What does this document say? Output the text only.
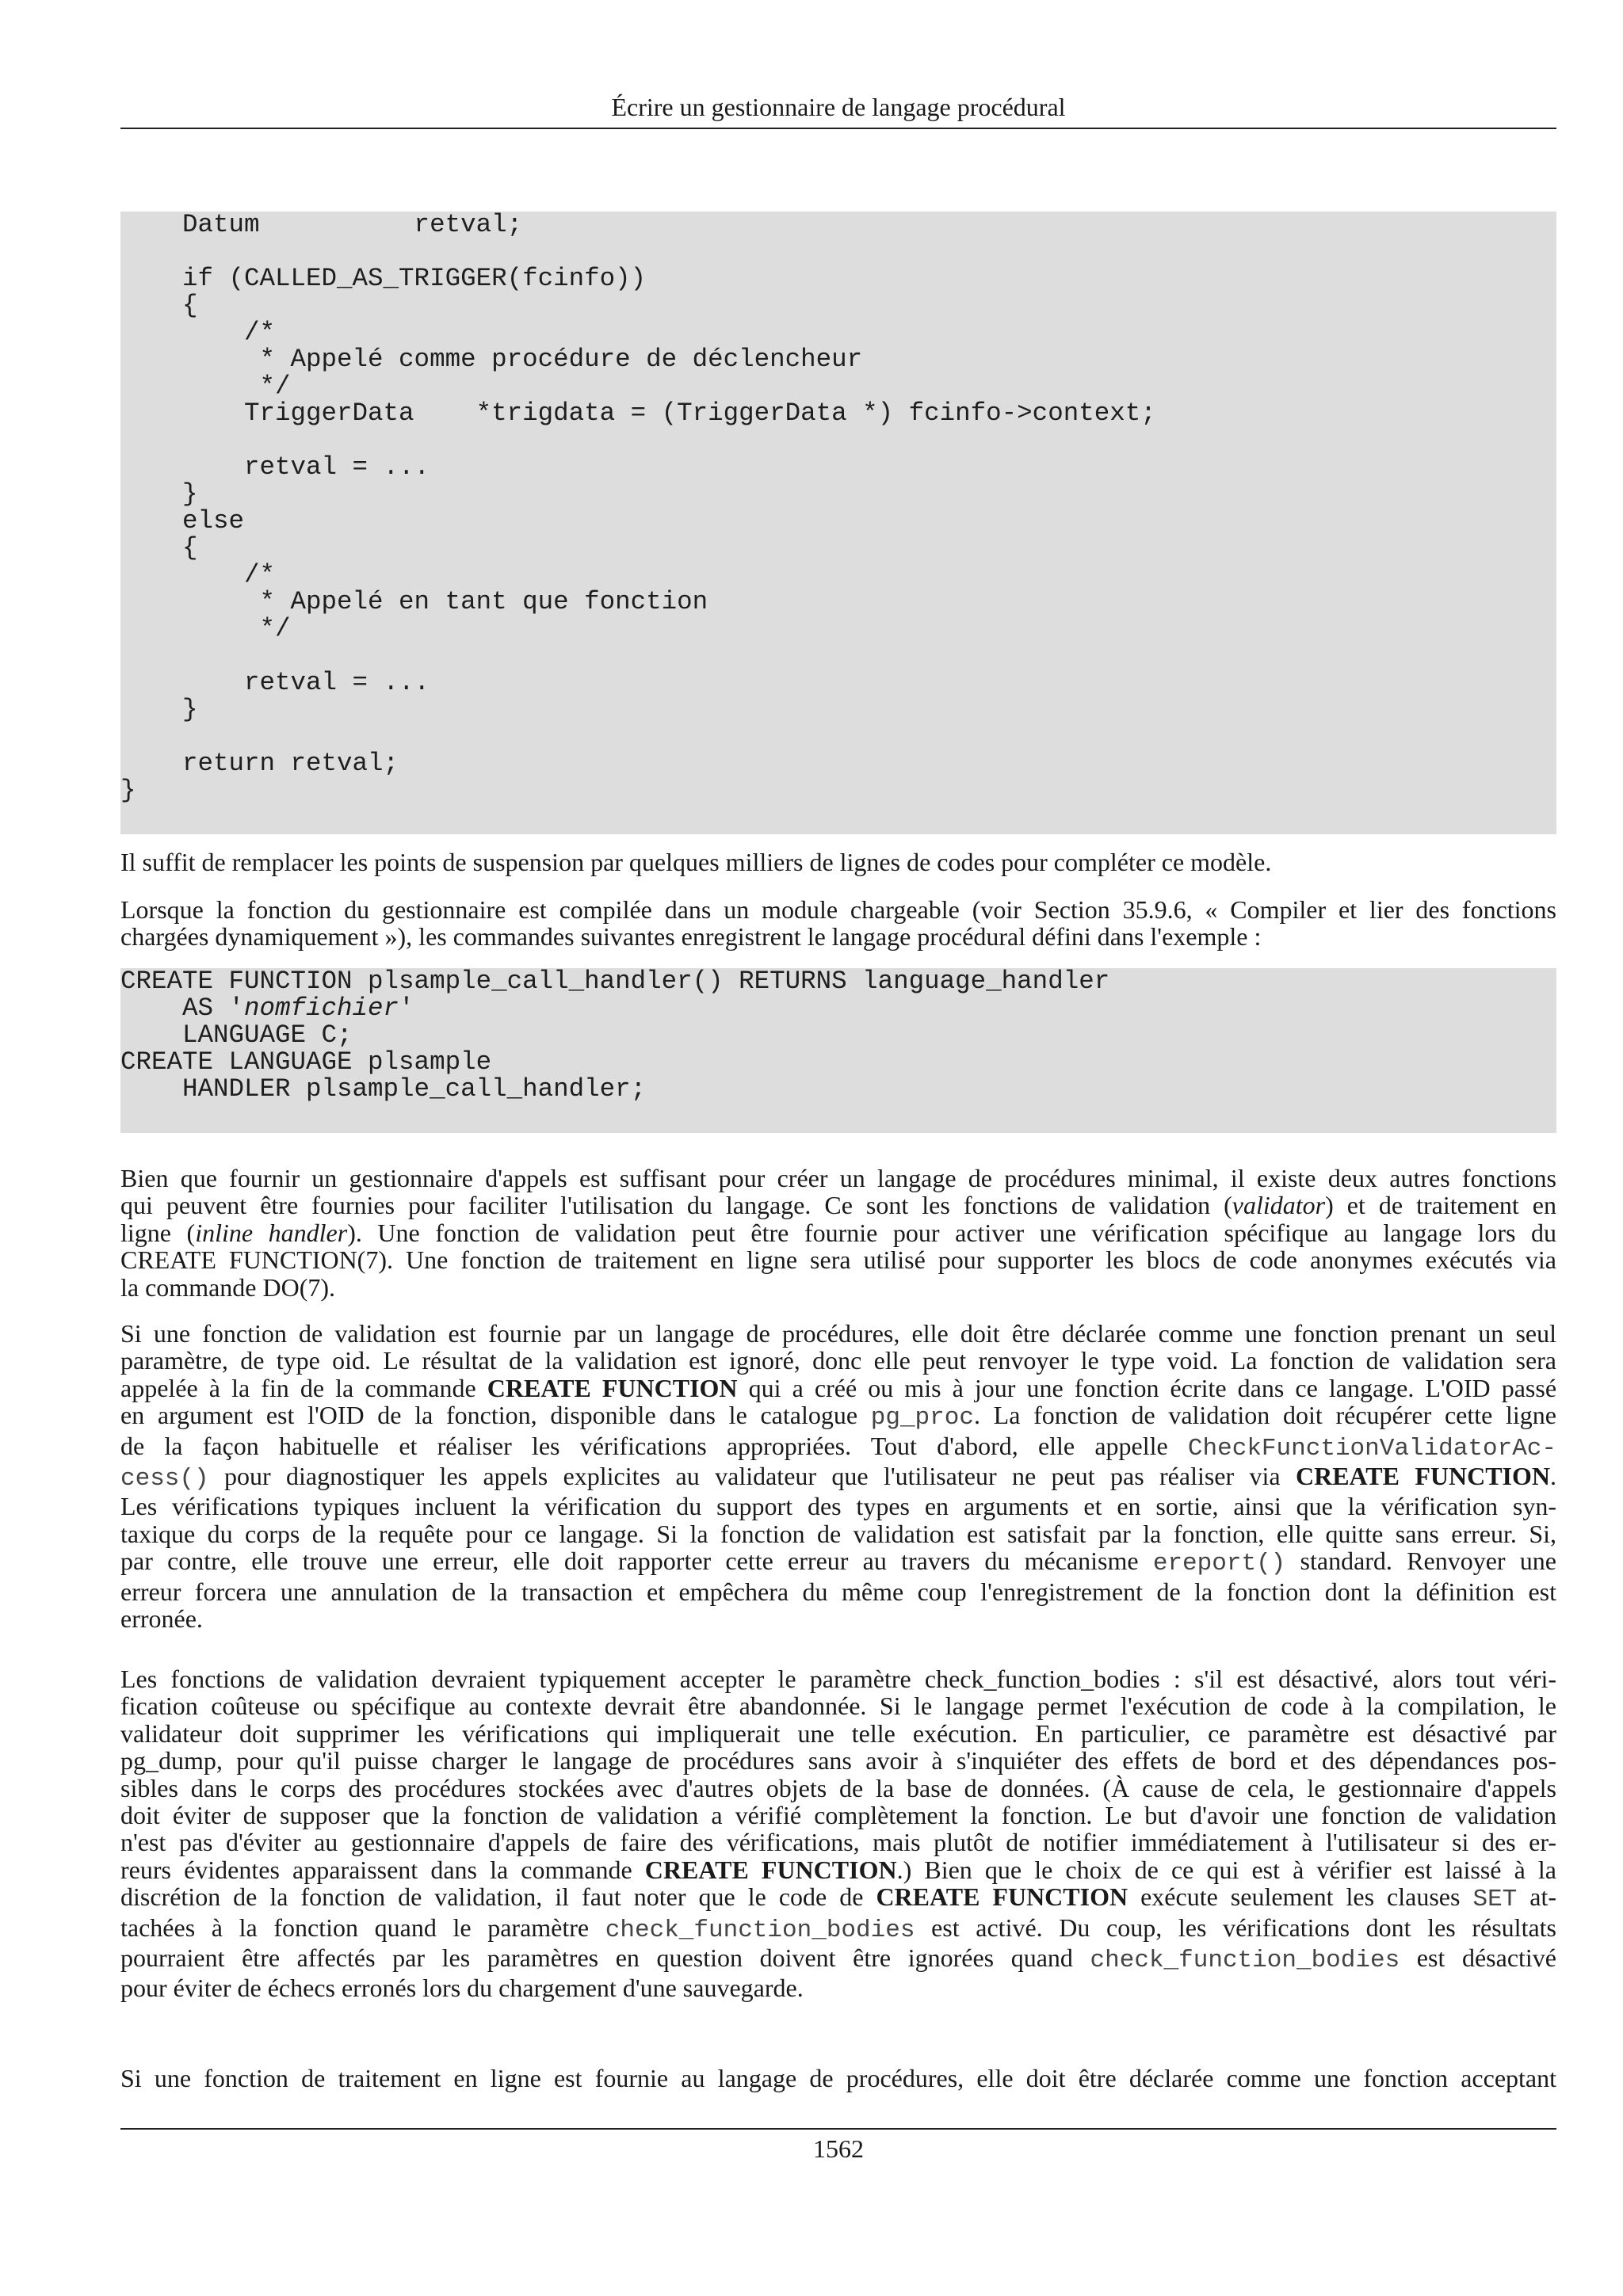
Écrire un gestionnaire de langage procédural
Datum          retval;
if (CALLED_AS_TRIGGER(fcinfo))
{
/*
* Appelé comme procédure de déclencheur
*/
TriggerData    *trigdata = (TriggerData *) fcinfo->context;
retval = ...
}
else
{
/*
* Appelé en tant que fonction
*/
retval = ...
}
return retval;
}
Il suffit de remplacer les points de suspension par quelques milliers de lignes de codes pour compléter ce modèle.
Lorsque la fonction du gestionnaire est compilée dans un module chargeable (voir Section 35.9.6, « Compiler et lier des fonctions
chargées dynamiquement »), les commandes suivantes enregistrent le langage procédural défini dans l'exemple :
CREATE FUNCTION plsample_call_handler() RETURNS language_handler
AS 'nomfichier'
LANGUAGE C;
CREATE LANGUAGE plsample
HANDLER plsample_call_handler;
Bien que fournir un gestionnaire d'appels est suffisant pour créer un langage de procédures minimal, il existe deux autres fonctions
qui peuvent être fournies pour faciliter l'utilisation du langage. Ce sont les fonctions de validation (validator) et de traitement en
ligne (inline handler). Une fonction de validation peut être fournie pour activer une vérification spécifique au langage lors du
CREATE FUNCTION(7). Une fonction de traitement en ligne sera utilisé pour supporter les blocs de code anonymes exécutés via
la commande DO(7).
Si une fonction de validation est fournie par un langage de procédures, elle doit être déclarée comme une fonction prenant un seul
paramètre, de type oid. Le résultat de la validation est ignoré, donc elle peut renvoyer le type void. La fonction de validation sera
appelée à la fin de la commande CREATE FUNCTION qui a créé ou mis à jour une fonction écrite dans ce langage. L'OID passé
en argument est l'OID de la fonction, disponible dans le catalogue pg_proc. La fonction de validation doit récupérer cette ligne
de la façon habituelle et réaliser les vérifications appropriées. Tout d'abord, elle appelle CheckFunctionValidatorAc-
cess() pour diagnostiquer les appels explicites au validateur que l'utilisateur ne peut pas réaliser via CREATE FUNCTION.
Les vérifications typiques incluent la vérification du support des types en arguments et en sortie, ainsi que la vérification syn-
taxique du corps de la requête pour ce langage. Si la fonction de validation est satisfait par la fonction, elle quitte sans erreur. Si,
par contre, elle trouve une erreur, elle doit rapporter cette erreur au travers du mécanisme ereport() standard. Renvoyer une
erreur forcera une annulation de la transaction et empêchera du même coup l'enregistrement de la fonction dont la définition est
erronée.
Les fonctions de validation devraient typiquement accepter le paramètre check_function_bodies : s'il est désactivé, alors tout véri-
fication coûteuse ou spécifique au contexte devrait être abandonnée. Si le langage permet l'exécution de code à la compilation, le
validateur doit supprimer les vérifications qui impliquerait une telle exécution. En particulier, ce paramètre est désactivé par
pg_dump, pour qu'il puisse charger le langage de procédures sans avoir à s'inquiéter des effets de bord et des dépendances pos-
sibles dans le corps des procédures stockées avec d'autres objets de la base de données. (À cause de cela, le gestionnaire d'appels
doit éviter de supposer que la fonction de validation a vérifié complètement la fonction. Le but d'avoir une fonction de validation
n'est pas d'éviter au gestionnaire d'appels de faire des vérifications, mais plutôt de notifier immédiatement à l'utilisateur si des er-
reurs évidentes apparaissent dans la commande CREATE FUNCTION.) Bien que le choix de ce qui est à vérifier est laissé à la
discrétion de la fonction de validation, il faut noter que le code de CREATE FUNCTION exécute seulement les clauses SET at-
tachées à la fonction quand le paramètre check_function_bodies est activé. Du coup, les vérifications dont les résultats
pourraient être affectés par les paramètres en question doivent être ignorées quand check_function_bodies est désactivé
pour éviter de échecs erronés lors du chargement d'une sauvegarde.
Si une fonction de traitement en ligne est fournie au langage de procédures, elle doit être déclarée comme une fonction acceptant
1562
